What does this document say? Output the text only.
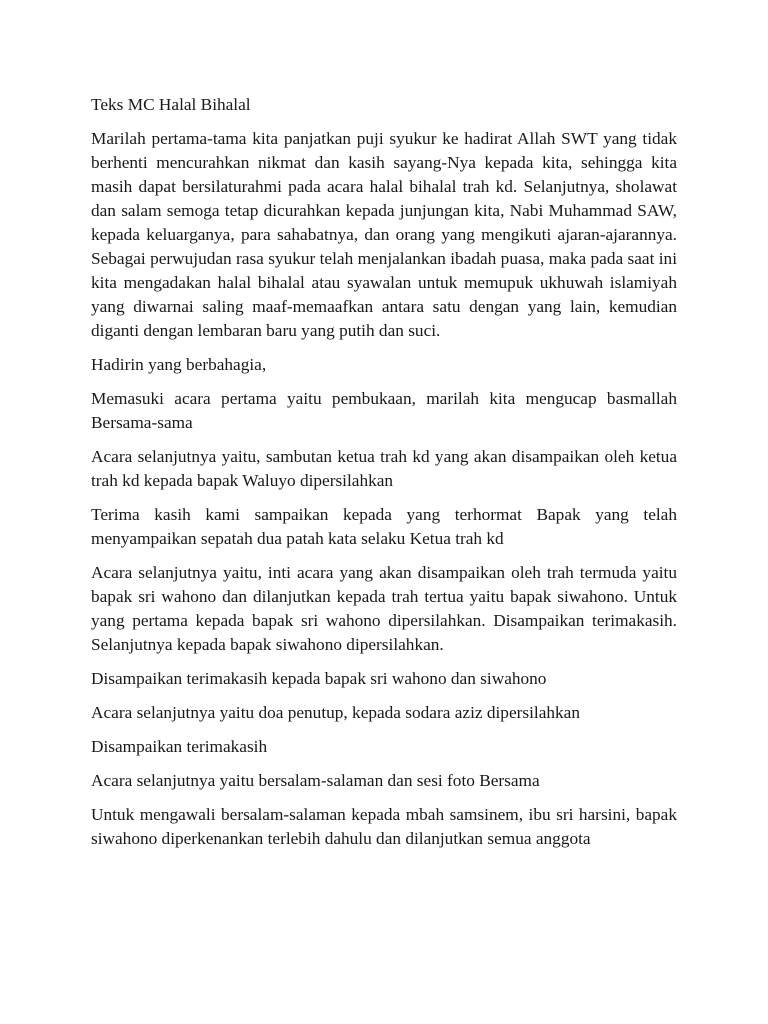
Teks MC Halal Bihalal

Marilah pertama-tama kita panjatkan puji syukur ke hadirat Allah SWT yang tidak berhenti mencurahkan nikmat dan kasih sayang-Nya kepada kita, sehingga kita masih dapat bersilaturahmi pada acara halal bihalal trah kd. Selanjutnya, sholawat dan salam semoga tetap dicurahkan kepada junjungan kita, Nabi Muhammad SAW, kepada keluarganya, para sahabatnya, dan orang yang mengikuti ajaran-ajarannya. Sebagai perwujudan rasa syukur telah menjalankan ibadah puasa, maka pada saat ini kita mengadakan halal bihalal atau syawalan untuk memupuk ukhuwah islamiyah yang diwarnai saling maaf-memaafkan antara satu dengan yang lain, kemudian diganti dengan lembaran baru yang putih dan suci.

Hadirin yang berbahagia,

Memasuki acara pertama yaitu pembukaan, marilah kita mengucap basmallah Bersama-sama

Acara selanjutnya yaitu, sambutan ketua trah kd yang akan disampaikan oleh ketua trah kd kepada bapak Waluyo dipersilahkan

Terima kasih kami sampaikan kepada yang terhormat Bapak yang telah menyampaikan sepatah dua patah kata selaku Ketua trah kd

Acara selanjutnya yaitu, inti acara yang akan disampaikan oleh trah termuda yaitu bapak sri wahono dan dilanjutkan kepada trah tertua yaitu bapak siwahono. Untuk yang pertama kepada bapak sri wahono dipersilahkan. Disampaikan terimakasih. Selanjutnya kepada bapak siwahono dipersilahkan.

Disampaikan terimakasih kepada bapak sri wahono dan siwahono

Acara selanjutnya yaitu doa penutup, kepada sodara aziz dipersilahkan

Disampaikan terimakasih

Acara selanjutnya yaitu bersalam-salaman dan sesi foto Bersama

Untuk mengawali bersalam-salaman kepada mbah samsinem, ibu sri harsini, bapak siwahono diperkenankan terlebih dahulu dan dilanjutkan semua anggota
